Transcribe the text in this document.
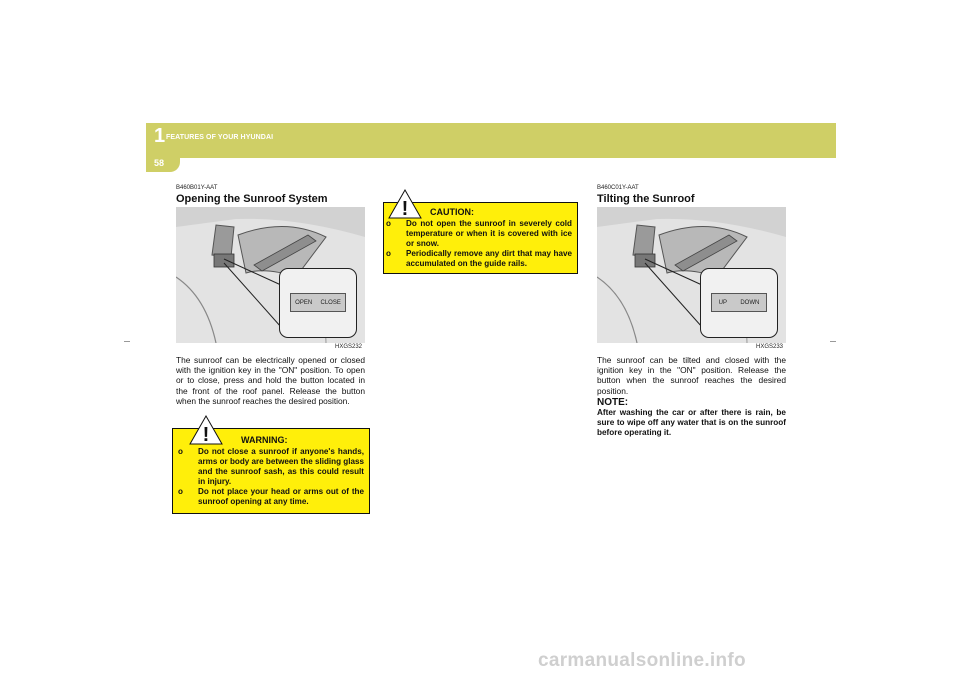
1 FEATURES OF YOUR HYUNDAI
58
B460B01Y-AAT
Opening the Sunroof System
OPEN CLOSE
HXGS232

The sunroof can be electrically opened or closed with the ignition key in the "ON" position. To open or to close, press and hold the button located in the front of the roof panel. Release the button when the sunroof reaches the desired position.

!	WARNING:
o Do not close a sunroof if anyone's hands, arms or body are between the sliding glass and the sunroof sash, as this could result in injury.
o Do not place your head or arms out of the sunroof opening at any time.
! CAUTION:
o Do not open the sunroof in severely cold temperature or when it is covered with ice or snow.
o Periodically remove any dirt that may have accumulated on the guide rails.
B460C01Y-AAT
Tilting the Sunroof
UP DOWN
HXGS233

The sunroof can be tilted and closed with the ignition key in the "ON" position. Release the button when the sunroof reaches the desired position.

NOTE:

After washing the car or after there is rain, be sure to wipe off any water that is on the sunroof before operating it.

carmanualsonline.info
